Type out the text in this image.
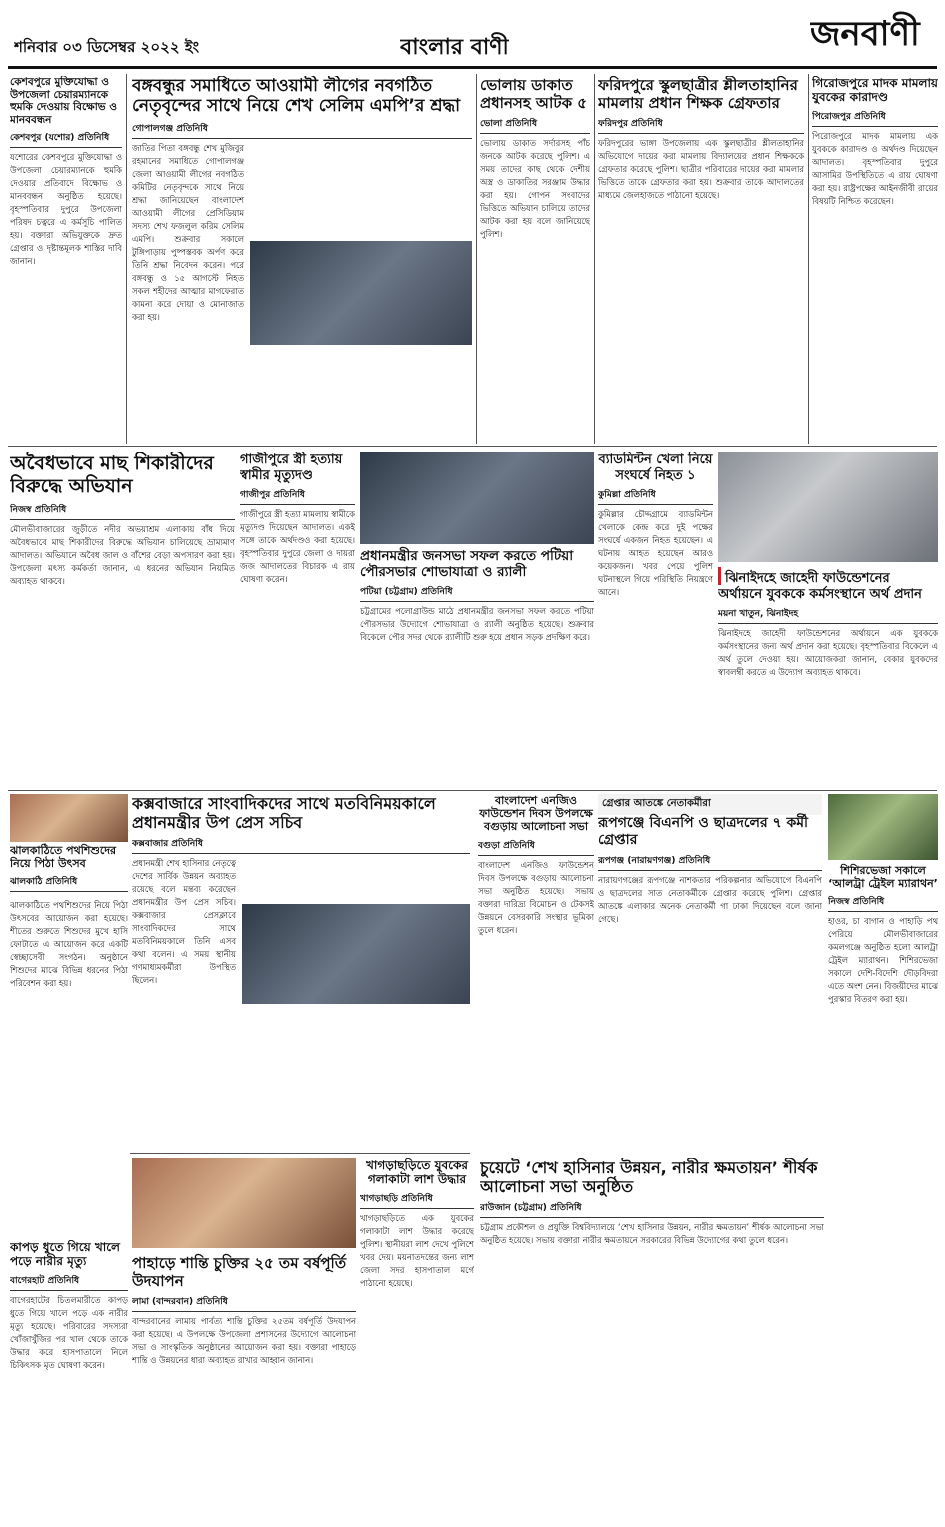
শনিবার ০৩ ডিসেম্বর ২০২২ ইং	বাংলার বাণী	জনবাণী
কেশবপুরে মুক্তিযোদ্ধা ও উপজেলা চেয়ারম্যানকে হুমকি দেওয়ায় বিক্ষোভ ও মানববন্ধন
কেশবপুর (যশোর) প্রতিনিধি
যশোরের কেশবপুরে মুক্তিযোদ্ধা ও উপজেলা চেয়ারম্যানকে হুমকি দেওয়ার প্রতিবাদে বিক্ষোভ ও মানববন্ধন অনুষ্ঠিত হয়েছে। বৃহস্পতিবার দুপুরে উপজেলা পরিষদ চত্বরে এ কর্মসূচি পালিত হয়। বক্তারা অভিযুক্তকে দ্রুত গ্রেপ্তার ও দৃষ্টান্তমূলক শাস্তির দাবি জানান।
বঙ্গবন্ধুর সমাধিতে আওয়ামী লীগের নবগঠিত নেতৃবৃন্দের সাথে নিয়ে শেখ সেলিম এমপি’র শ্রদ্ধা
গোপালগঞ্জ প্রতিনিধি
জাতির পিতা বঙ্গবন্ধু শেখ মুজিবুর রহমানের সমাধিতে গোপালগঞ্জ জেলা আওয়ামী লীগের নবগঠিত কমিটির নেতৃবৃন্দকে সাথে নিয়ে শ্রদ্ধা জানিয়েছেন বাংলাদেশ আওয়ামী লীগের প্রেসিডিয়াম সদস্য শেখ ফজলুল করিম সেলিম এমপি। শুক্রবার সকালে টুঙ্গিপাড়ায় পুষ্পস্তবক অর্পণ করে তিনি শ্রদ্ধা নিবেদন করেন। পরে বঙ্গবন্ধু ও ১৫ আগস্টে নিহত সকল শহীদের আত্মার মাগফেরাত কামনা করে দোয়া ও মোনাজাত করা হয়।
ভোলায় ডাকাত প্রধানসহ আটক ৫
ভোলা প্রতিনিধি
ভোলায় ডাকাত সর্দারসহ পাঁচ জনকে আটক করেছে পুলিশ। এ সময় তাদের কাছ থেকে দেশীয় অস্ত্র ও ডাকাতির সরঞ্জাম উদ্ধার করা হয়। গোপন সংবাদের ভিত্তিতে অভিযান চালিয়ে তাদের আটক করা হয় বলে জানিয়েছে পুলিশ।
ফরিদপুরে স্কুলছাত্রীর শ্লীলতাহানির মামলায় প্রধান শিক্ষক গ্রেফতার
ফরিদপুর প্রতিনিধি
ফরিদপুরের ভাঙ্গা উপজেলায় এক স্কুলছাত্রীর শ্লীলতাহানির অভিযোগে দায়ের করা মামলায় বিদ্যালয়ের প্রধান শিক্ষককে গ্রেফতার করেছে পুলিশ। ছাত্রীর পরিবারের দায়ের করা মামলার ভিত্তিতে তাকে গ্রেফতার করা হয়। শুক্রবার তাকে আদালতের মাধ্যমে জেলহাজতে পাঠানো হয়েছে।
গিরোজপুরে মাদক মামলায় যুবকের কারাদণ্ড
পিরোজপুর প্রতিনিধি
পিরোজপুরে মাদক মামলায় এক যুবককে কারাদণ্ড ও অর্থদণ্ড দিয়েছেন আদালত। বৃহস্পতিবার দুপুরে আসামির উপস্থিতিতে এ রায় ঘোষণা করা হয়। রাষ্ট্রপক্ষের আইনজীবী রায়ের বিষয়টি নিশ্চিত করেছেন।
অবৈধভাবে মাছ শিকারীদের বিরুদ্ধে অভিযান
নিজস্ব প্রতিনিধি
মৌলভীবাজারের জুড়ীতে নদীর অভয়াশ্রম এলাকায় বাঁধ দিয়ে অবৈধভাবে মাছ শিকারীদের বিরুদ্ধে অভিযান চালিয়েছে ভ্রাম্যমাণ আদালত। অভিযানে অবৈধ জাল ও বাঁশের বেড়া অপসারণ করা হয়। উপজেলা মৎস্য কর্মকর্তা জানান, এ ধরনের অভিযান নিয়মিত অব্যাহত থাকবে।
গাজীপুরে স্ত্রী হত্যায় স্বামীর মৃত্যুদণ্ড
গাজীপুর প্রতিনিধি
গাজীপুরে স্ত্রী হত্যা মামলায় স্বামীকে মৃত্যুদণ্ড দিয়েছেন আদালত। একই সঙ্গে তাকে অর্থদণ্ডও করা হয়েছে। বৃহস্পতিবার দুপুরে জেলা ও দায়রা জজ আদালতের বিচারক এ রায় ঘোষণা করেন।
ব্যাডমিন্টন খেলা নিয়ে সংঘর্ষে নিহত ১
কুমিল্লা প্রতিনিধি
কুমিল্লার চৌদ্দগ্রামে ব্যাডমিন্টন খেলাকে কেন্দ্র করে দুই পক্ষের সংঘর্ষে একজন নিহত হয়েছেন। এ ঘটনায় আহত হয়েছেন আরও কয়েকজন। খবর পেয়ে পুলিশ ঘটনাস্থলে গিয়ে পরিস্থিতি নিয়ন্ত্রণে আনে।
ঝিনাইদহে জাহেদী ফাউন্ডেশনের অর্থায়নে যুবককে কর্মসংস্থানে অর্থ প্রদান
ময়না খাতুন, ঝিনাইদহ
ঝিনাইদহে জাহেদী ফাউন্ডেশনের অর্থায়নে এক যুবককে কর্মসংস্থানের জন্য অর্থ প্রদান করা হয়েছে। বৃহস্পতিবার বিকেলে এ অর্থ তুলে দেওয়া হয়। আয়োজকরা জানান, বেকার যুবকদের স্বাবলম্বী করতে এ উদ্যোগ অব্যাহত থাকবে।
প্রধানমন্ত্রীর জনসভা সফল করতে পটিয়া পৌরসভার শোভাযাত্রা ও র‌্যালী
পটিয়া (চট্টগ্রাম) প্রতিনিধি
চট্টগ্রামের পলোগ্রাউন্ড মাঠে প্রধানমন্ত্রীর জনসভা সফল করতে পটিয়া পৌরসভার উদ্যোগে শোভাযাত্রা ও র‌্যালী অনুষ্ঠিত হয়েছে। শুক্রবার বিকেলে পৌর সদর থেকে র‌্যালীটি শুরু হয়ে প্রধান সড়ক প্রদক্ষিণ করে।
ঝালকাঠিতে পথশিশুদের নিয়ে পিঠা উৎসব
ঝালকাঠি প্রতিনিধি
ঝালকাঠিতে পথশিশুদের নিয়ে পিঠা উৎসবের আয়োজন করা হয়েছে। শীতের শুরুতে শিশুদের মুখে হাসি ফোটাতে এ আয়োজন করে একটি স্বেচ্ছাসেবী সংগঠন। অনুষ্ঠানে শিশুদের মাঝে বিভিন্ন ধরনের পিঠা পরিবেশন করা হয়।
কক্সবাজারে সাংবাদিকদের সাথে মতবিনিময়কালে প্রধানমন্ত্রীর উপ প্রেস সচিব
কক্সবাজার প্রতিনিধি
প্রধানমন্ত্রী শেখ হাসিনার নেতৃত্বে দেশের সার্বিক উন্নয়ন অব্যাহত রয়েছে বলে মন্তব্য করেছেন প্রধানমন্ত্রীর উপ প্রেস সচিব। কক্সবাজার প্রেসক্লাবে সাংবাদিকদের সাথে মতবিনিময়কালে তিনি এসব কথা বলেন। এ সময় স্থানীয় গণমাধ্যমকর্মীরা উপস্থিত ছিলেন।
বাংলাদেশ এনজিও ফাউন্ডেশন দিবস উপলক্ষে বগুড়ায় আলোচনা সভা
বগুড়া প্রতিনিধি
বাংলাদেশ এনজিও ফাউন্ডেশন দিবস উপলক্ষে বগুড়ায় আলোচনা সভা অনুষ্ঠিত হয়েছে। সভায় বক্তারা দারিদ্র্য বিমোচন ও টেকসই উন্নয়নে বেসরকারি সংস্থার ভূমিকা তুলে ধরেন।
গ্রেপ্তার আতঙ্কে নেতাকর্মীরা
রূপগঞ্জে বিএনপি ও ছাত্রদলের ৭ কর্মী গ্রেপ্তার
রূপগঞ্জ (নারায়ণগঞ্জ) প্রতিনিধি
নারায়ণগঞ্জের রূপগঞ্জে নাশকতার পরিকল্পনার অভিযোগে বিএনপি ও ছাত্রদলের সাত নেতাকর্মীকে গ্রেপ্তার করেছে পুলিশ। গ্রেপ্তার আতঙ্কে এলাকার অনেক নেতাকর্মী গা ঢাকা দিয়েছেন বলে জানা গেছে।
শিশিরভেজা সকালে ‘আলট্রা ট্রেইল ম্যারাথন’
নিজস্ব প্রতিনিধি
হাওর, চা বাগান ও পাহাড়ি পথ পেরিয়ে মৌলভীবাজারের কমলগঞ্জে অনুষ্ঠিত হলো আলট্রা ট্রেইল ম্যারাথন। শিশিরভেজা সকালে দেশি-বিদেশি দৌড়বিদরা এতে অংশ নেন। বিজয়ীদের মাঝে পুরস্কার বিতরণ করা হয়।
কাপড় ধুতে গিয়ে খালে পড়ে নারীর মৃত্যু
বাগেরহাট প্রতিনিধি
বাগেরহাটের চিতলমারীতে কাপড় ধুতে গিয়ে খালে পড়ে এক নারীর মৃত্যু হয়েছে। পরিবারের সদস্যরা খোঁজাখুঁজির পর খাল থেকে তাকে উদ্ধার করে হাসপাতালে নিলে চিকিৎসক মৃত ঘোষণা করেন।
পাহাড়ে শান্তি চুক্তির ২৫ তম বর্ষপূর্তি উদযাপন
লামা (বান্দরবান) প্রতিনিধি
বান্দরবানের লামায় পার্বত্য শান্তি চুক্তির ২৫তম বর্ষপূর্তি উদযাপন করা হয়েছে। এ উপলক্ষে উপজেলা প্রশাসনের উদ্যোগে আলোচনা সভা ও সাংস্কৃতিক অনুষ্ঠানের আয়োজন করা হয়। বক্তারা পাহাড়ে শান্তি ও উন্নয়নের ধারা অব্যাহত রাখার আহ্বান জানান।
খাগড়াছড়িতে যুবকের গলাকাটা লাশ উদ্ধার
খাগড়াছড়ি প্রতিনিধি
খাগড়াছড়িতে এক যুবকের গলাকাটা লাশ উদ্ধার করেছে পুলিশ। স্থানীয়রা লাশ দেখে পুলিশে খবর দেয়। ময়নাতদন্তের জন্য লাশ জেলা সদর হাসপাতাল মর্গে পাঠানো হয়েছে।
চুয়েটে ‘শেখ হাসিনার উন্নয়ন, নারীর ক্ষমতায়ন’ শীর্ষক আলোচনা সভা অনুষ্ঠিত
রাউজান (চট্টগ্রাম) প্রতিনিধি
চট্টগ্রাম প্রকৌশল ও প্রযুক্তি বিশ্ববিদ্যালয়ে ‘শেখ হাসিনার উন্নয়ন, নারীর ক্ষমতায়ন’ শীর্ষক আলোচনা সভা অনুষ্ঠিত হয়েছে। সভায় বক্তারা নারীর ক্ষমতায়নে সরকারের বিভিন্ন উদ্যোগের কথা তুলে ধরেন।
